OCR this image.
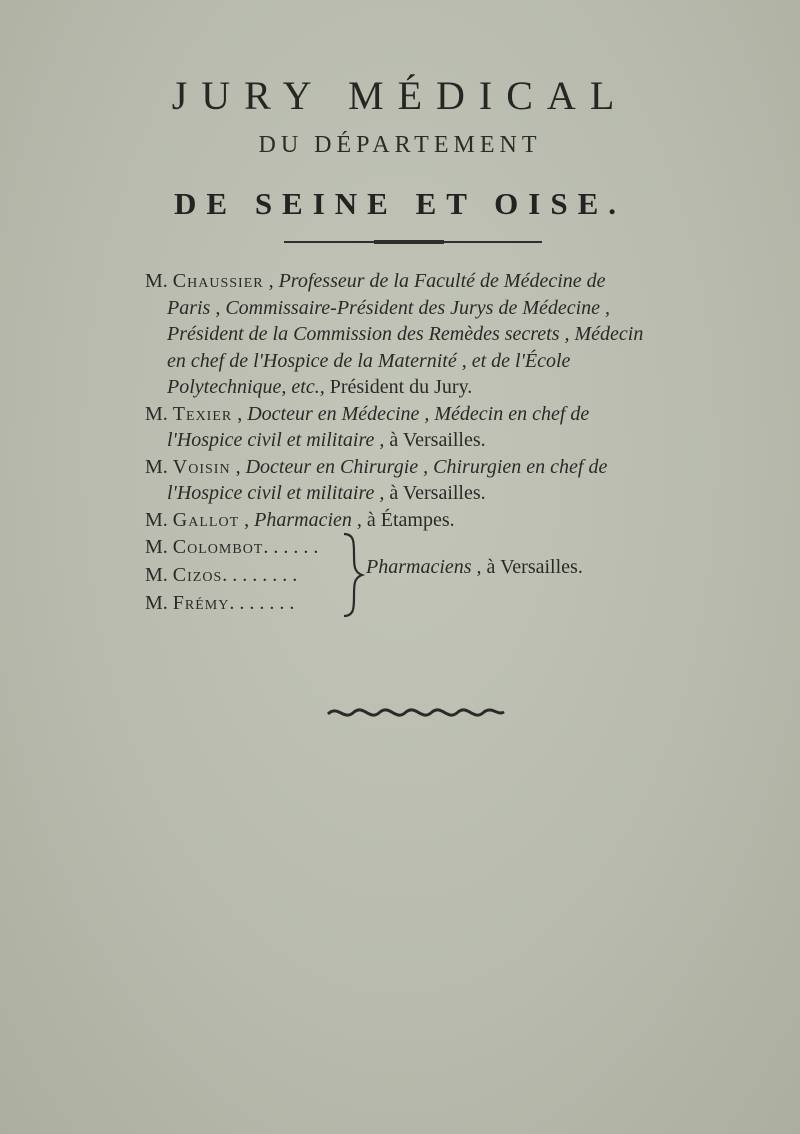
JURY MÉDICAL
DU DÉPARTEMENT
DE SEINE ET OISE.
M. Chaussier , Professeur de la Faculté de Médecine de
Paris , Commissaire-Président des Jurys de Médecine ,
Président de la Commission des Remèdes secrets , Médecin
en chef de l'Hospice de la Maternité , et de l'École
Polytechnique, etc., Président du Jury.
M. Texier , Docteur en Médecine , Médecin en chef de
l'Hospice civil et militaire , à Versailles.
M. Voisin , Docteur en Chirurgie , Chirurgien en chef de
l'Hospice civil et militaire , à Versailles.
M. Gallot , Pharmacien , à Étampes.
M. Colombot. . . . . .
M. Cizos. . . . . . . .
M. Frémy. . . . . . .
Pharmaciens , à Versailles.
